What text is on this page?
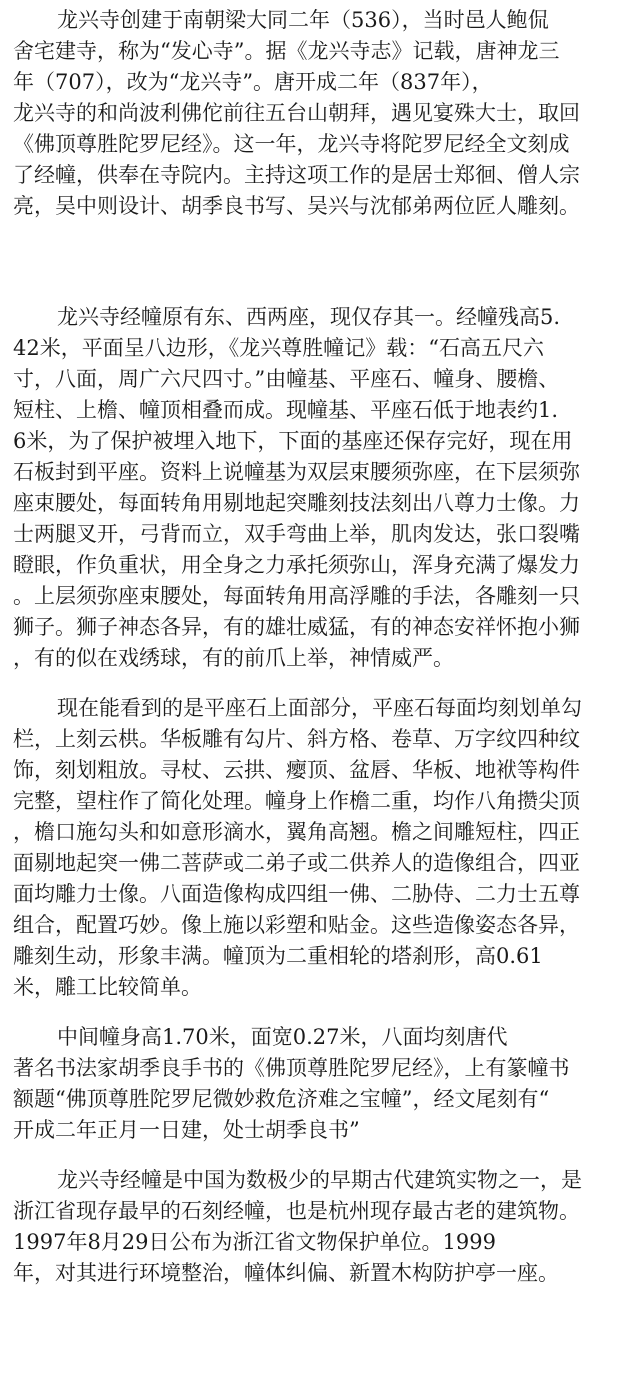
龙兴寺创建于南朝梁大同二年（536），当时邑人鲍侃
舍宅建寺，称为“发心寺”。据《龙兴寺志》记载，唐神龙三
年（707），改为“龙兴寺”。唐开成二年（837年），
龙兴寺的和尚波利佛佗前往五台山朝拜，遇见宴殊大士，取回
《佛顶尊胜陀罗尼经》。这一年，龙兴寺将陀罗尼经全文刻成
了经幢，供奉在寺院内。主持这项工作的是居士郑徊、僧人宗
亮，吴中则设计、胡季良书写、吴兴与沈郁弟两位匠人雕刻。

龙兴寺经幢原有东、西两座，现仅存其一。经幢残高5.
42米，平面呈八边形，《龙兴尊胜幢记》载：“石高五尺六
寸，八面，周广六尺四寸。”由幢基、平座石、幢身、腰檐、
短柱、上檐、幢顶相叠而成。现幢基、平座石低于地表约1.
6米，为了保护被埋入地下，下面的基座还保存完好，现在用
石板封到平座。资料上说幢基为双层束腰须弥座，在下层须弥
座束腰处，每面转角用剔地起突雕刻技法刻出八尊力士像。力
士两腿叉开，弓背而立，双手弯曲上举，肌肉发达，张口裂嘴
瞪眼，作负重状，用全身之力承托须弥山，浑身充满了爆发力
。上层须弥座束腰处，每面转角用高浮雕的手法，各雕刻一只
狮子。狮子神态各异，有的雄壮威猛，有的神态安祥怀抱小狮
，有的似在戏绣球，有的前爪上举，神情威严。

现在能看到的是平座石上面部分，平座石每面均刻划单勾
栏，上刻云栱。华板雕有勾片、斜方格、卷草、万字纹四种纹
饰，刻划粗放。寻杖、云拱、瘿顶、盆唇、华板、地袱等构件
完整，望柱作了简化处理。幢身上作檐二重，均作八角攒尖顶
，檐口施勾头和如意形滴水，翼角高翘。檐之间雕短柱，四正
面剔地起突一佛二菩萨或二弟子或二供养人的造像组合，四亚
面均雕力士像。八面造像构成四组一佛、二胁侍、二力士五尊
组合，配置巧妙。像上施以彩塑和贴金。这些造像姿态各异，
雕刻生动，形象丰满。幢顶为二重相轮的塔刹形，高0.61
米，雕工比较简单。

中间幢身高1.70米，面宽0.27米，八面均刻唐代
著名书法家胡季良手书的《佛顶尊胜陀罗尼经》，上有篆幢书
额题“佛顶尊胜陀罗尼微妙救危济难之宝幢”，经文尾刻有“
开成二年正月一日建，处士胡季良书”

龙兴寺经幢是中国为数极少的早期古代建筑实物之一，是
浙江省现存最早的石刻经幢，也是杭州现存最古老的建筑物。
1997年8月29日公布为浙江省文物保护单位。1999
年，对其进行环境整治，幢体纠偏、新置木构防护亭一座。
